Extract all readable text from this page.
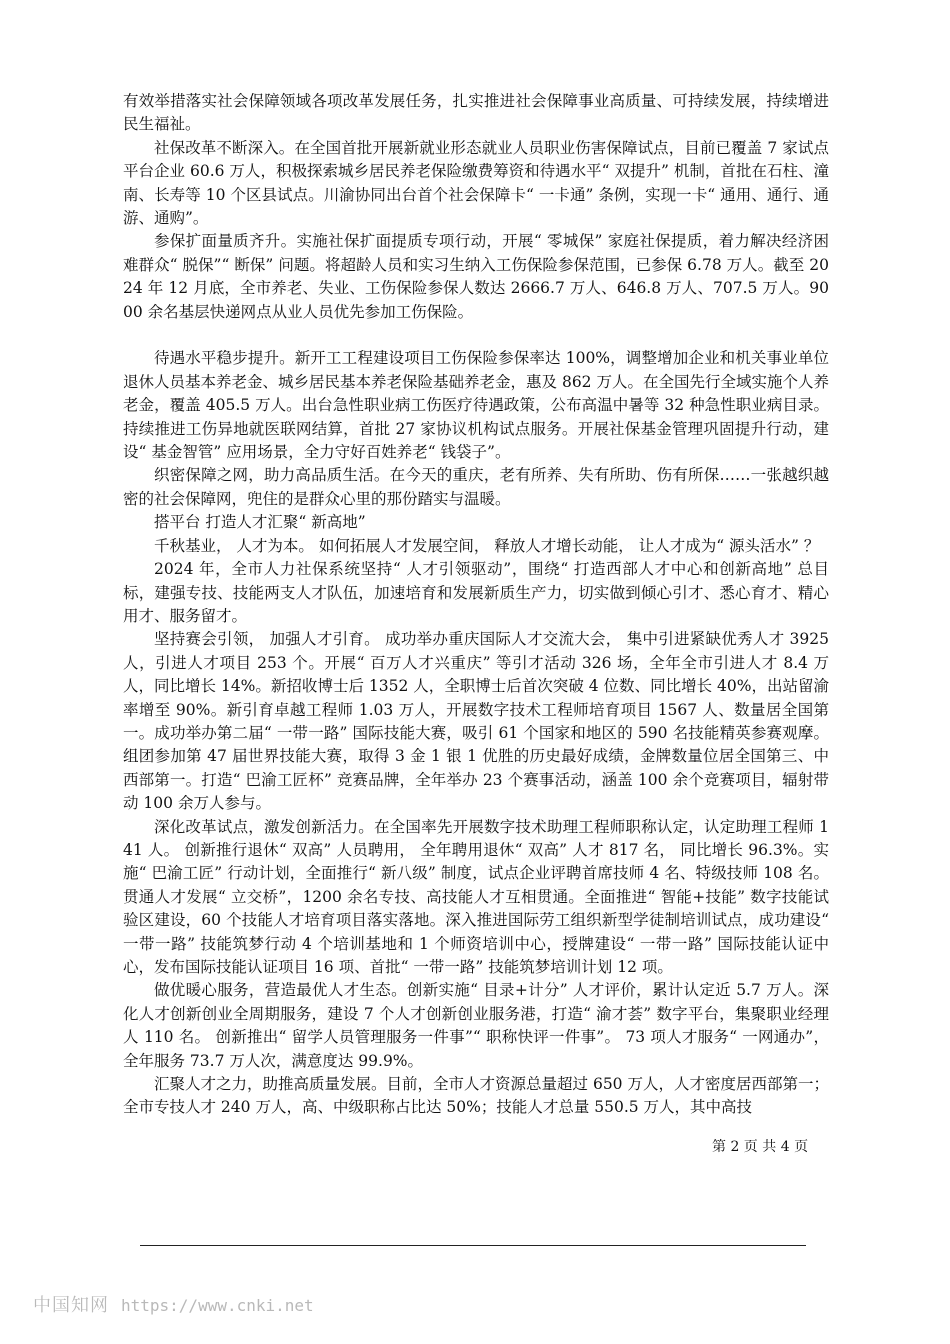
有效举措落实社会保障领域各项改革发展任务，扎实推进社会保障事业高质量、可持续发展，持续增进民生福祉。

社保改革不断深入。在全国首批开展新就业形态就业人员职业伤害保障试点，目前已覆盖 7 家试点平台企业 60.6 万人，积极探索城乡居民养老保险缴费筹资和待遇水平“ 双提升” 机制，首批在石柱、潼南、长寿等 10 个区县试点。川渝协同出台首个社会保障卡“ 一卡通” 条例，实现一卡“ 通用、通行、通游、通购”。

参保扩面量质齐升。实施社保扩面提质专项行动，开展“ 零城保” 家庭社保提质，着力解决经济困难群众“ 脱保”“ 断保” 问题。将超龄人员和实习生纳入工伤保险参保范围，已参保 6.78 万人。截至 2024 年 12 月底，全市养老、失业、工伤保险参保人数达 2666.7 万人、646.8 万人、707.5 万人。9000 余名基层快递网点从业人员优先参加工伤保险。

待遇水平稳步提升。新开工工程建设项目工伤保险参保率达 100%，调整增加企业和机关事业单位退休人员基本养老金、城乡居民基本养老保险基础养老金，惠及 862 万人。在全国先行全域实施个人养老金，覆盖 405.5 万人。出台急性职业病工伤医疗待遇政策，公布高温中暑等 32 种急性职业病目录。持续推进工伤异地就医联网结算，首批 27 家协议机构试点服务。开展社保基金管理巩固提升行动，建设“ 基金智管” 应用场景，全力守好百姓养老“ 钱袋子”。

织密保障之网，助力高品质生活。在今天的重庆，老有所养、失有所助、伤有所保……一张越织越密的社会保障网，兜住的是群众心里的那份踏实与温暖。

搭平台 打造人才汇聚“ 新高地”

千秋基业， 人才为本。 如何拓展人才发展空间， 释放人才增长动能， 让人才成为“ 源头活水” ？

2024 年，全市人力社保系统坚持“ 人才引领驱动”，围绕“ 打造西部人才中心和创新高地” 总目标，建强专技、技能两支人才队伍，加速培育和发展新质生产力，切实做到倾心引才、悉心育才、精心用才、服务留才。

坚持赛会引领， 加强人才引育。 成功举办重庆国际人才交流大会， 集中引进紧缺优秀人才 3925 人，引进人才项目 253 个。开展“ 百万人才兴重庆” 等引才活动 326 场，全年全市引进人才 8.4 万人，同比增长 14%。新招收博士后 1352 人，全职博士后首次突破 4 位数、同比增长 40%，出站留渝率增至 90%。新引育卓越工程师 1.03 万人，开展数字技术工程师培育项目 1567 人、数量居全国第一。成功举办第二届“ 一带一路” 国际技能大赛，吸引 61 个国家和地区的 590 名技能精英参赛观摩。组团参加第 47 届世界技能大赛，取得 3 金 1 银 1 优胜的历史最好成绩，金牌数量位居全国第三、中西部第一。打造“ 巴渝工匠杯” 竞赛品牌，全年举办 23 个赛事活动，涵盖 100 余个竞赛项目，辐射带动 100 余万人参与。

深化改革试点，激发创新活力。在全国率先开展数字技术助理工程师职称认定，认定助理工程师 141 人。 创新推行退休“ 双高” 人员聘用， 全年聘用退休“ 双高” 人才 817 名， 同比增长 96.3%。实施“ 巴渝工匠” 行动计划，全面推行“ 新八级” 制度，试点企业评聘首席技师 4 名、特级技师 108 名。贯通人才发展“ 立交桥”，1200 余名专技、高技能人才互相贯通。全面推进“ 智能+技能” 数字技能试验区建设，60 个技能人才培育项目落实落地。深入推进国际劳工组织新型学徒制培训试点，成功建设“ 一带一路” 技能筑梦行动 4 个培训基地和 1 个师资培训中心，授牌建设“ 一带一路” 国际技能认证中心，发布国际技能认证项目 16 项、首批“ 一带一路” 技能筑梦培训计划 12 项。

做优暖心服务，营造最优人才生态。创新实施“ 目录+计分” 人才评价，累计认定近 5.7 万人。深化人才创新创业全周期服务，建设 7 个人才创新创业服务港，打造“ 渝才荟” 数字平台，集聚职业经理人 110 名。 创新推出“ 留学人员管理服务一件事”“ 职称快评一件事”。 73 项人才服务“ 一网通办”，全年服务 73.7 万人次，满意度达 99.9%。

汇聚人才之力，助推高质量发展。目前，全市人才资源总量超过 650 万人，人才密度居西部第一；全市专技人才 240 万人，高、中级职称占比达 50%；技能人才总量 550.5 万人，其中高技

第 2 页 共 4 页
中国知网 https://www.cnki.net
